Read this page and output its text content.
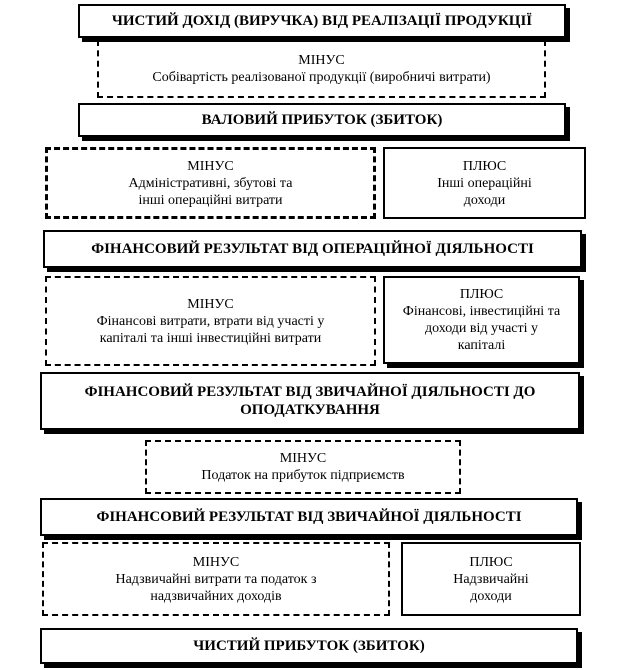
ЧИСТИЙ ДОХІД (ВИРУЧКА) ВІД РЕАЛІЗАЦІЇ ПРОДУКЦІЇ
МІНУС
Собівартість реалізованої продукції (виробничі витрати)
ВАЛОВИЙ ПРИБУТОК (ЗБИТОК)
МІНУС
Адміністративні, збутові та
інші операційні витрати
ПЛЮС
Інші операційні
доходи
ФІНАНСОВИЙ РЕЗУЛЬТАТ ВІД ОПЕРАЦІЙНОЇ ДІЯЛЬНОСТІ
МІНУС
Фінансові витрати, втрати від участі у
капіталі та інші інвестиційні витрати
ПЛЮС
Фінансові, інвестиційні та
доходи від участі у
капіталі
ФІНАНСОВИЙ РЕЗУЛЬТАТ ВІД ЗВИЧАЙНОЇ ДІЯЛЬНОСТІ ДО
ОПОДАТКУВАННЯ
МІНУС
Податок на прибуток підприємств
ФІНАНСОВИЙ РЕЗУЛЬТАТ ВІД ЗВИЧАЙНОЇ ДІЯЛЬНОСТІ
МІНУС
Надзвичайні витрати та податок з
надзвичайних доходів
ПЛЮС
Надзвичайні
доходи
ЧИСТИЙ ПРИБУТОК (ЗБИТОК)
